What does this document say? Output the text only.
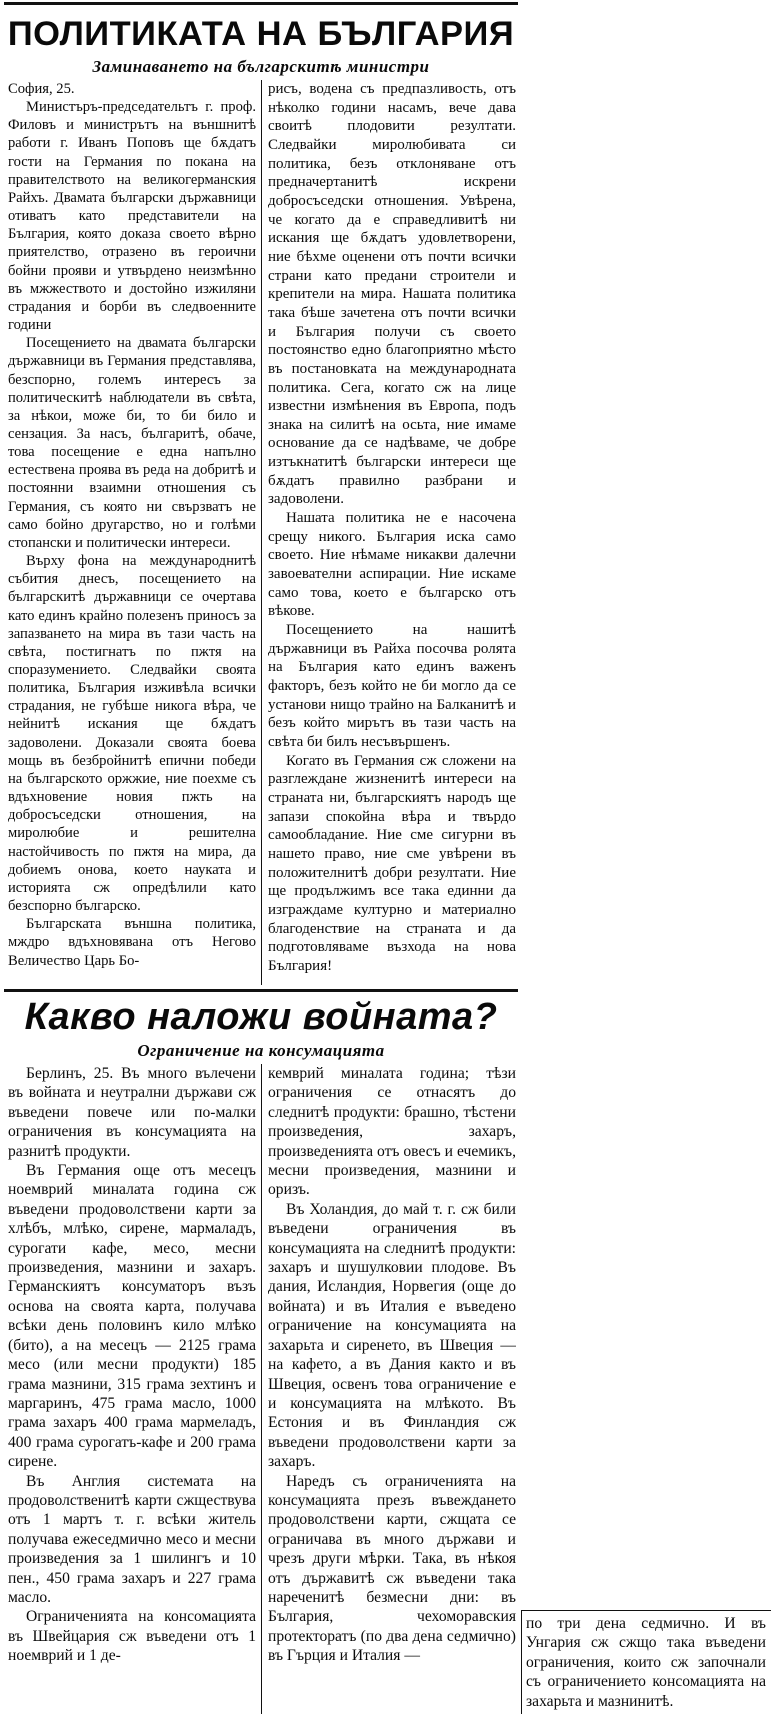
ПОЛИТИКАТА НА БЪЛГАРИЯ
Заминаването на българскитѣ министри

София, 25.

Министъръ-председательтъ г. проф. Филовъ и министрътъ на външнитѣ работи г. Иванъ Поповъ ще бѫдатъ гости на Германия по покана на правителството на великогерманския Райхъ. Двамата български държавници отиватъ като представители на България, която доказа своето вѣрно приятелство, отразено въ героични бойни прояви и утвърдено неизмѣнно въ мжжеството и достойно изжиляни страдания и борби въ следвоенните години

Посещението на двамата български държавници въ Германия представлява, безспорно, големъ интересъ за политическитѣ наблюдатели въ свѣта, за нѣкои, може би, то би било и сензация. За насъ, българитѣ, обаче, това посещение е една напълно естествена проява въ реда на добритѣ и постоянни взаимни отношения съ Германия, съ която ни свързватъ не само бойно другарство, но и голѣми стопански и политически интереси.

Върху фона на международнитѣ събития днесъ, посещението на българскитѣ държавници се очертава като единъ крайно полезенъ приносъ за запазването на мира въ тази часть на свѣта, постигнатъ по пжтя на споразумението. Следвайки своята политика, България изживѣла всички страдания, не губѣше никога вѣра, че нейнитѣ искания ще бѫдатъ задоволени. Доказали своята боева мощь въ безбройнитѣ епични победи на българското оржжие, ние поехме съ вдъхновение новия пжть на добросъседски отношения, на миролюбие и решителна настойчивость по пжтя на мира, да добиемъ онова, което науката и историята сж опредѣлили като безспорно българско.

Българската външна политика, мждро вдъхновявана отъ Негово Величество Царь Бо-

рисъ, водена съ предпазливость, отъ нѣколко години насамъ, вече дава своитѣ плодовити резултати. Следвайки миролюбивата си политика, безъ отклоняване отъ предначертанитѣ искрени добросъседски отношения. Увѣрена, че когато да е справедливитѣ ни искания ще бѫдатъ удовлетворени, ние бѣхме оценени отъ почти всички страни като предани строители и крепители на мира. Нашата политика така бѣше зачетена отъ почти всички и България получи съ своето постоянство едно благоприятно мѣсто въ постановката на международната политика. Сега, когато сж на лице известни измѣнения въ Европа, подъ знака на силитѣ на осьта, ние имаме основание да се надѣваме, че добре изтъкнатитѣ български интереси ще бѫдатъ правилно разбрани и задоволени.

Нашата политика не е насочена срещу никого. България иска само своето. Ние нѣмаме никакви далечни завоевателни аспирации. Ние искаме само това, което е българско отъ вѣкове.

Посещението на нашитѣ държавници въ Райха посочва ролята на България като единъ важенъ факторъ, безъ който не би могло да се установи нищо трайно на Балканитѣ и безъ който мирътъ въ тази часть на свѣта би билъ несъвършенъ.

Когато въ Германия сж сложени на разглеждане жизненитѣ интереси на страната ни, българскиятъ народъ ще запази спокойна вѣра и твърдо самообладание. Ние сме сигурни въ нашето право, ние сме увѣрени въ положителнитѣ добри резултати. Ние ще продължимъ все така единни да изграждаме културно и материално благоденствие на страната и да подготовляваме възхода на нова България!

Какво наложи войната?
Ограничение на консумацията

Берлинъ, 25. Въ много вълечени въ войната и неутрални държави сж въведени повече или по-малки ограничения въ консумацията на разнитѣ продукти.

Въ Германия още отъ месецъ ноемврий миналата година сж въведени продоволствени карти за хлѣбъ, млѣко, сирене, мармаладъ, сурогати кафе, месо, месни произведения, мазнини и захаръ. Германскиятъ консуматоръ възъ основа на своята карта, получава всѣки день половинъ кило млѣко (бито), а на месецъ — 2125 грама месо (или месни продукти) 185 грама мазнини, 315 грама зехтинъ и маргаринъ, 475 грама масло, 1000 грама захаръ 400 грама мармеладъ, 400 грама сурогатъ-кафе и 200 грама сирене.

Въ Англия системата на продоволственитѣ карти сжществува отъ 1 мартъ т. г. всѣки житель получава ежеседмично месо и месни произведения за 1 шилингъ и 10 пен., 450 грама захаръ и 227 грама масло.

Ограниченията на консомацията въ Швейцария сж въведени отъ 1 ноемврий и 1 де-

кемврий миналата година; тѣзи ограничения се отнасятъ до следнитѣ продукти: брашно, тѣстени произведения, захаръ, произведенията отъ овесъ и ечемикъ, месни произведения, мазнини и оризъ.

Въ Холандия, до май т. г. сж били въведени ограничения въ консумацията на следнитѣ продукти: захаръ и шушулковии плодове. Въ дания, Исландия, Норвегия (още до войната) и въ Италия е въведено ограничение на консумацията на захарьта и сиренето, въ Швеция — на кафето, а въ Дания както и въ Швеция, освенъ това ограничение е и консумацията на млѣкото. Въ Естония и въ Финландия сж въведени продоволствени карти за захаръ.

Наредъ съ ограниченията на консумацията презъ въвеждането продоволствени карти, сжщата се ограничава въ много държави и чрезъ други мѣрки. Така, въ нѣкоя отъ държавитѣ сж въведени така нареченитѣ безмесни дни: въ България, чехоморавския протекторатъ (по два дена седмично) въ Гърция и Италия —

по три дена седмично. И въ Унгария сж сжщо така въведени ограничения, които сж започнали съ ограничението консомацията на захарьта и мазнинитѣ.
